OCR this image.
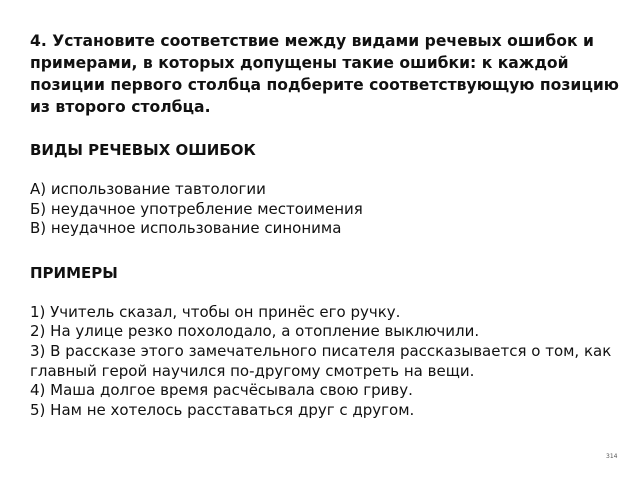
4. Установите соответствие между видами речевых ошибок и примерами, в которых допущены такие ошибки: к каждой позиции первого столбца подберите соответствующую позицию из второго столбца.

ВИДЫ РЕЧЕВЫХ ОШИБОК

А) использование тавтологии

Б) неудачное употребление местоимения

В) неудачное использование синонима

ПРИМЕРЫ

1) Учитель сказал, чтобы он принёс его ручку.

2) На улице резко похолодало, а отопление выключили.

3) В рассказе этого замечательного писателя рассказывается о том, как главный герой научился по-другому смотреть на вещи.

4) Маша долгое время расчёсывала свою гриву.

5) Нам не хотелось расставаться друг с другом.

314
